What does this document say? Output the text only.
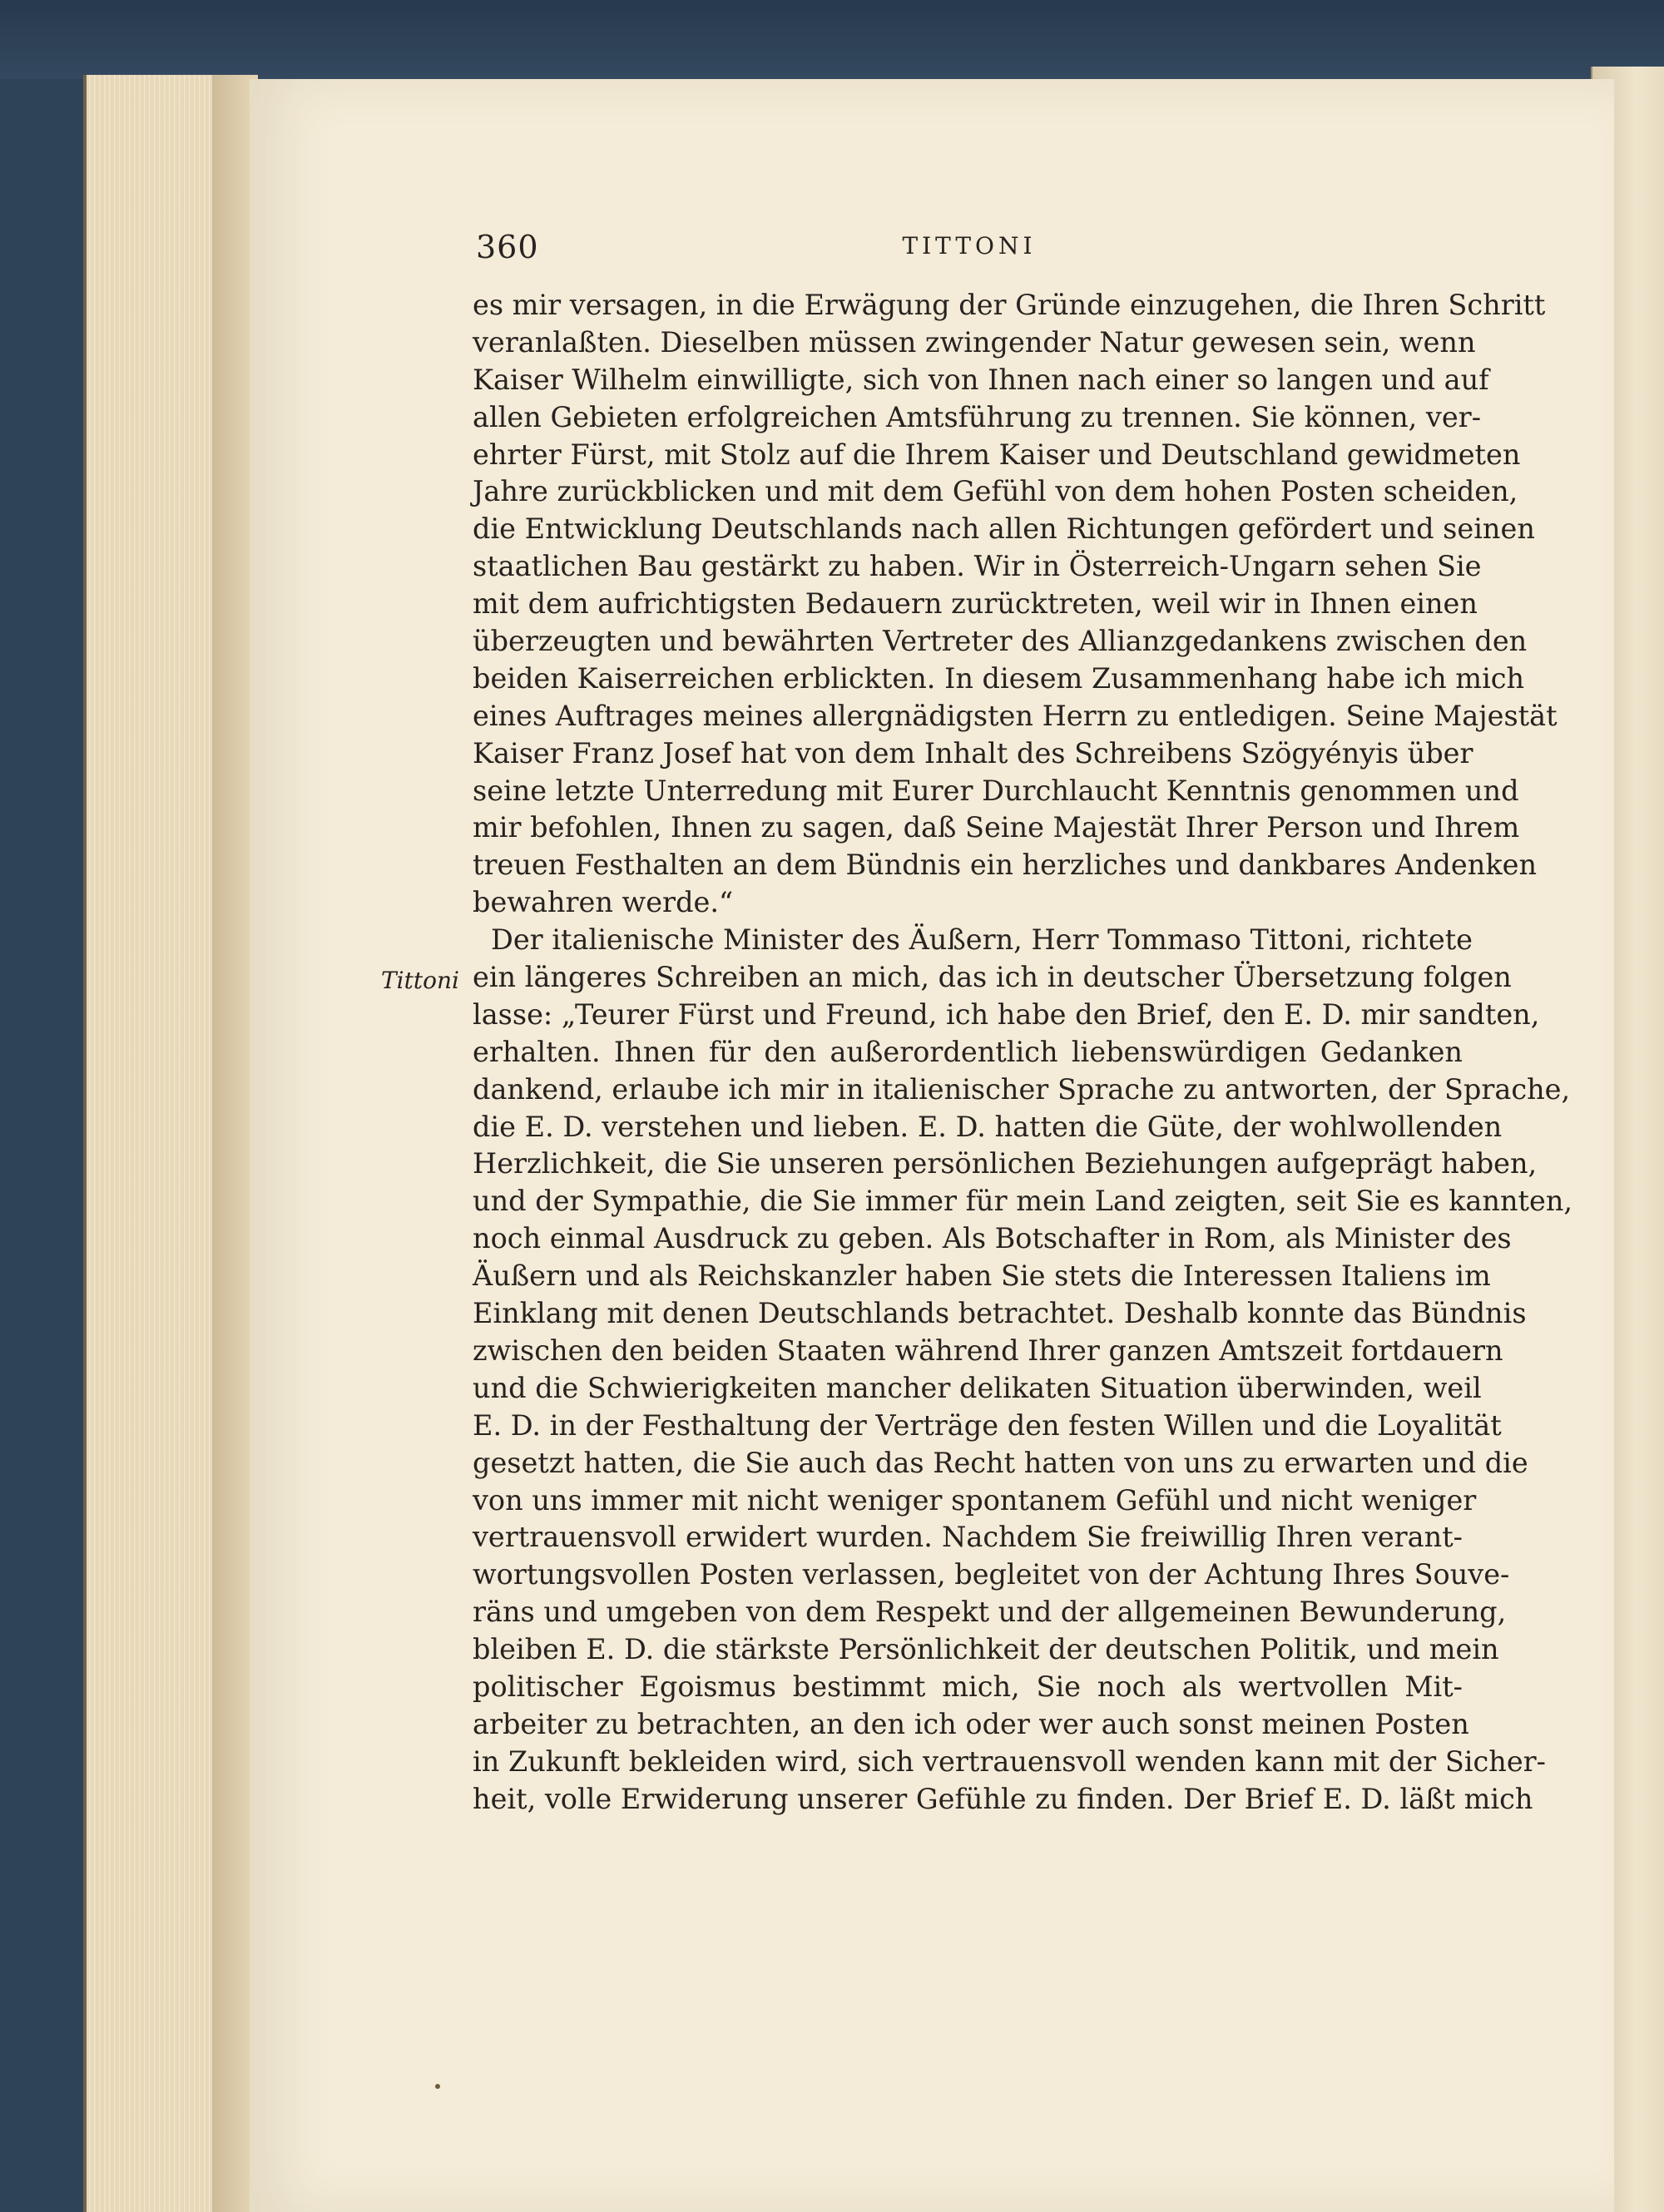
360	TITTONI
Tittoni
es mir versagen, in die Erwägung der Gründe einzugehen, die Ihren Schritt
veranlaßten. Dieselben müssen zwingender Natur gewesen sein, wenn
Kaiser Wilhelm einwilligte, sich von Ihnen nach einer so langen und auf
allen Gebieten erfolgreichen Amtsführung zu trennen. Sie können, ver-
ehrter Fürst, mit Stolz auf die Ihrem Kaiser und Deutschland gewidmeten
Jahre zurückblicken und mit dem Gefühl von dem hohen Posten scheiden,
die Entwicklung Deutschlands nach allen Richtungen gefördert und seinen
staatlichen Bau gestärkt zu haben. Wir in Österreich-Ungarn sehen Sie
mit dem aufrichtigsten Bedauern zurücktreten, weil wir in Ihnen einen
überzeugten und bewährten Vertreter des Allianzgedankens zwischen den
beiden Kaiserreichen erblickten. In diesem Zusammenhang habe ich mich
eines Auftrages meines allergnädigsten Herrn zu entledigen. Seine Majestät
Kaiser Franz Josef hat von dem Inhalt des Schreibens Szögyényis über
seine letzte Unterredung mit Eurer Durchlaucht Kenntnis genommen und
mir befohlen, Ihnen zu sagen, daß Seine Majestät Ihrer Person und Ihrem
treuen Festhalten an dem Bündnis ein herzliches und dankbares Andenken
bewahren werde.“
Der italienische Minister des Äußern, Herr Tommaso Tittoni, richtete
ein längeres Schreiben an mich, das ich in deutscher Übersetzung folgen
lasse: „Teurer Fürst und Freund, ich habe den Brief, den E. D. mir sandten,
erhalten. Ihnen für den außerordentlich liebenswürdigen Gedanken
dankend, erlaube ich mir in italienischer Sprache zu antworten, der Sprache,
die E. D. verstehen und lieben. E. D. hatten die Güte, der wohlwollenden
Herzlichkeit, die Sie unseren persönlichen Beziehungen aufgeprägt haben,
und der Sympathie, die Sie immer für mein Land zeigten, seit Sie es kannten,
noch einmal Ausdruck zu geben. Als Botschafter in Rom, als Minister des
Äußern und als Reichskanzler haben Sie stets die Interessen Italiens im
Einklang mit denen Deutschlands betrachtet. Deshalb konnte das Bündnis
zwischen den beiden Staaten während Ihrer ganzen Amtszeit fortdauern
und die Schwierigkeiten mancher delikaten Situation überwinden, weil
E. D. in der Festhaltung der Verträge den festen Willen und die Loyalität
gesetzt hatten, die Sie auch das Recht hatten von uns zu erwarten und die
von uns immer mit nicht weniger spontanem Gefühl und nicht weniger
vertrauensvoll erwidert wurden. Nachdem Sie freiwillig Ihren verant-
wortungsvollen Posten verlassen, begleitet von der Achtung Ihres Souve-
räns und umgeben von dem Respekt und der allgemeinen Bewunderung,
bleiben E. D. die stärkste Persönlichkeit der deutschen Politik, und mein
politischer Egoismus bestimmt mich, Sie noch als wertvollen Mit-
arbeiter zu betrachten, an den ich oder wer auch sonst meinen Posten
in Zukunft bekleiden wird, sich vertrauensvoll wenden kann mit der Sicher-
heit, volle Erwiderung unserer Gefühle zu finden. Der Brief E. D. läßt mich
